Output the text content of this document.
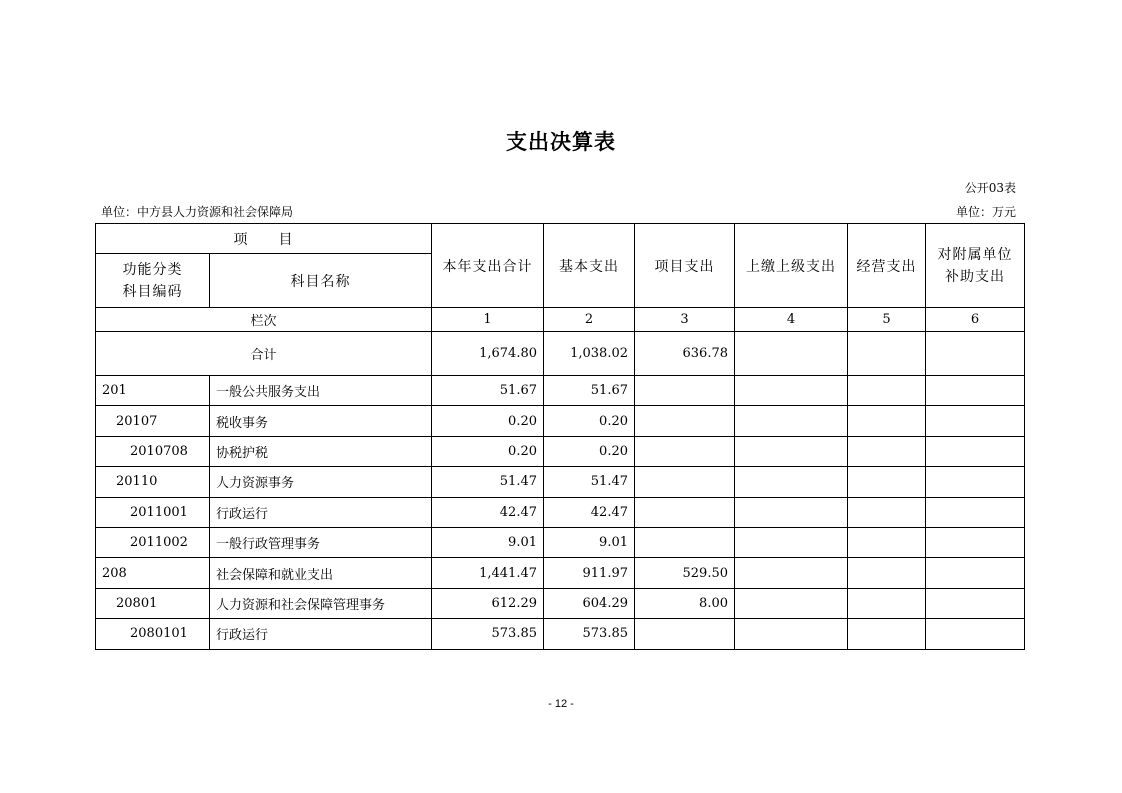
支出决算表
公开03表
单位：中方县人力资源和社会保障局	单位：万元
项　　目		本年支出合计	基本支出	项目支出	上缴上级支出	经营支出	对附属单位补助支出
功能分类科目编码	科目名称						

栏次		1	2	3	4	5	6
合计		1,674.80	1,038.02	636.78			
201	一般公共服务支出	51.67	51.67				
20107	税收事务	0.20	0.20				
2010708	协税护税	0.20	0.20				
20110	人力资源事务	51.47	51.47				
2011001	行政运行	42.47	42.47				
2011002	一般行政管理事务	9.01	9.01				
208	社会保障和就业支出	1,441.47	911.97	529.50			
20801	人力资源和社会保障管理事务	612.29	604.29	8.00			
2080101	行政运行	573.85	573.85				
- 12 -
